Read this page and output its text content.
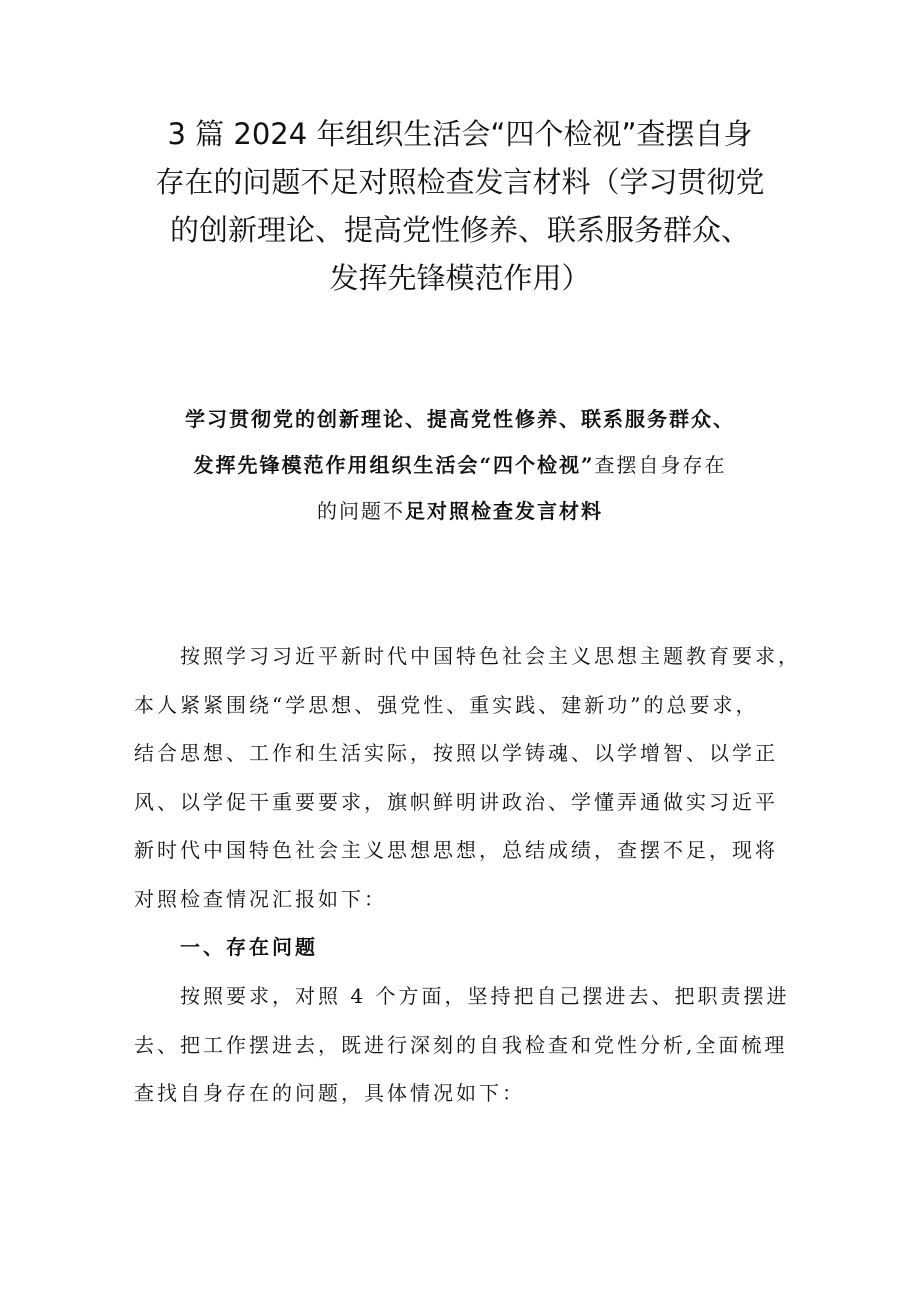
3 篇 2024 年组织生活会“四个检视”查摆自身
存在的问题不足对照检查发言材料（学习贯彻党
的创新理论、提高党性修养、联系服务群众、
发挥先锋模范作用）
学习贯彻党的创新理论、提高党性修养、联系服务群众、
发挥先锋模范作用组织生活会“四个检视”查摆自身存在
的问题不足对照检查发言材料
按照学习习近平新时代中国特色社会主义思想主题教育要求，
本人紧紧围绕“学思想、强党性、重实践、建新功”的总要求，
结合思想、工作和生活实际，按照以学铸魂、以学增智、以学正
风、以学促干重要要求，旗帜鲜明讲政治、学懂弄通做实习近平
新时代中国特色社会主义思想思想，总结成绩，查摆不足，现将
对照检查情况汇报如下：
一、存在问题
按照要求，对照 4 个方面，坚持把自己摆进去、把职责摆进
去、把工作摆进去，既进行深刻的自我检查和党性分析,全面梳理
查找自身存在的问题，具体情况如下：
